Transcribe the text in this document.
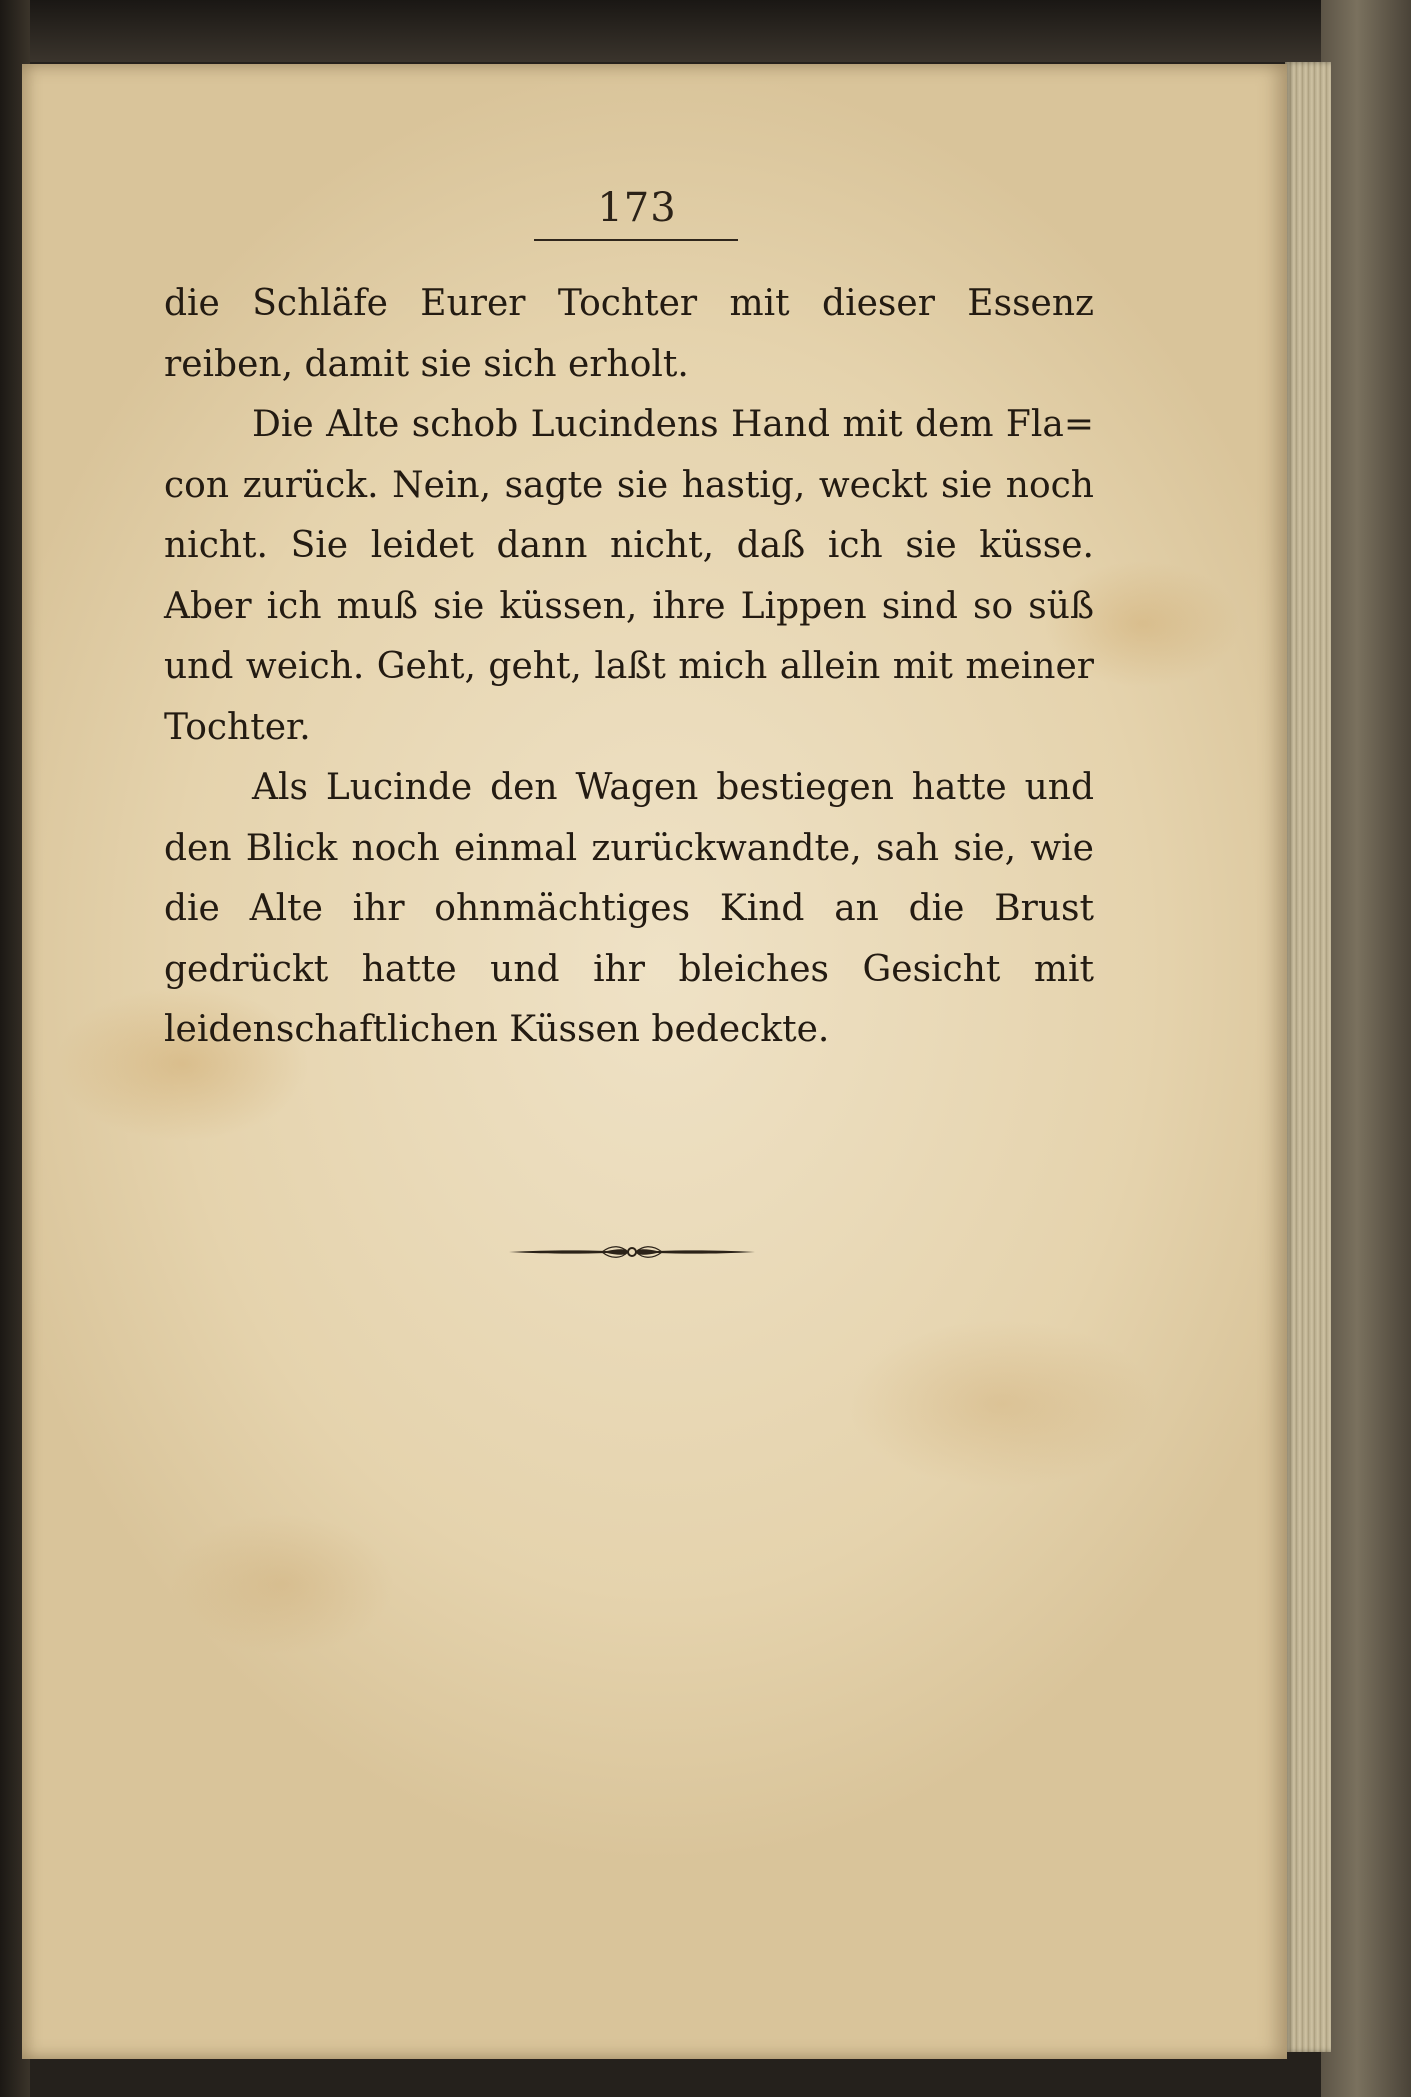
173

die Schläfe Eurer Tochter mit dieser Essenz reiben, damit sie sich erholt.

Die Alte schob Lucindens Hand mit dem Fla= con zurück. Nein, sagte sie hastig, weckt sie noch nicht. Sie leidet dann nicht, daß ich sie küsse. Aber ich muß sie küssen, ihre Lippen sind so süß und weich. Geht, geht, laßt mich allein mit meiner Tochter.

Als Lucinde den Wagen bestiegen hatte und den Blick noch einmal zurückwandte, sah sie, wie die Alte ihr ohnmächtiges Kind an die Brust gedrückt hatte und ihr bleiches Gesicht mit leidenschaftlichen Küssen bedeckte.
